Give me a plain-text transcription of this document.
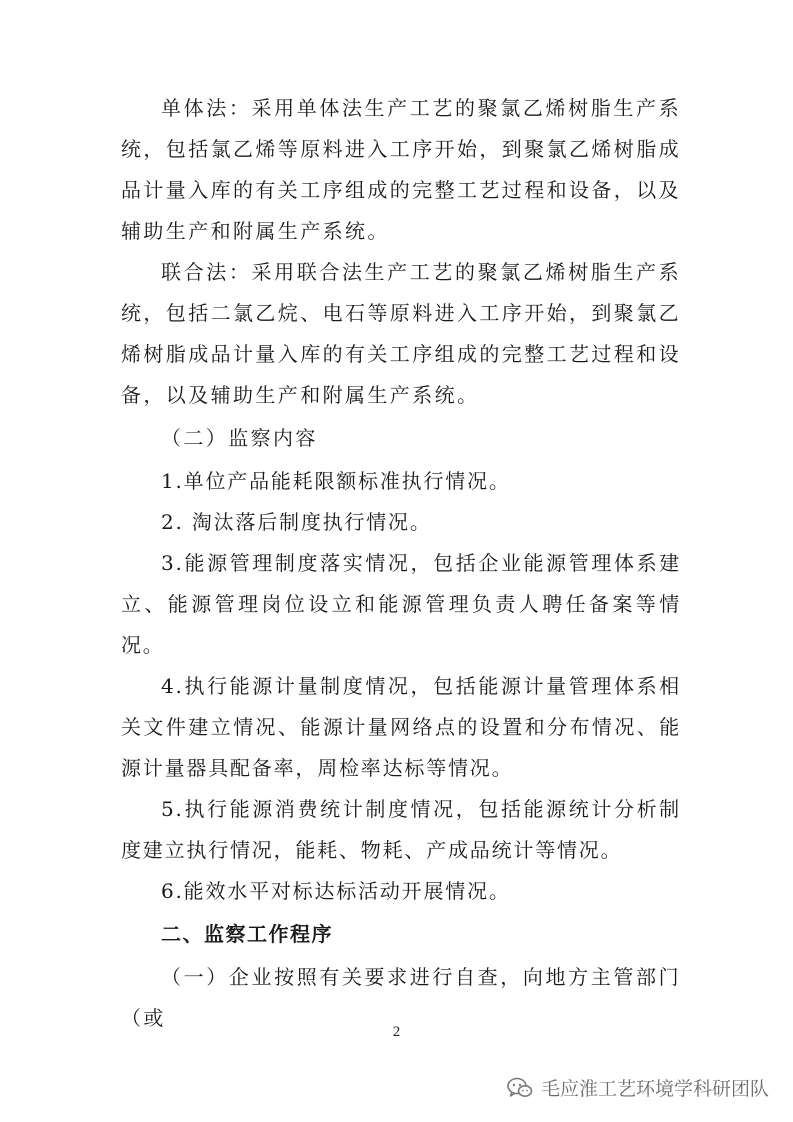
单体法：采用单体法生产工艺的聚氯乙烯树脂生产系统，包括氯乙烯等原料进入工序开始，到聚氯乙烯树脂成品计量入库的有关工序组成的完整工艺过程和设备，以及辅助生产和附属生产系统。

联合法：采用联合法生产工艺的聚氯乙烯树脂生产系统，包括二氯乙烷、电石等原料进入工序开始，到聚氯乙烯树脂成品计量入库的有关工序组成的完整工艺过程和设备，以及辅助生产和附属生产系统。

（二）监察内容

1.单位产品能耗限额标准执行情况。

2. 淘汰落后制度执行情况。

3.能源管理制度落实情况，包括企业能源管理体系建立、能源管理岗位设立和能源管理负责人聘任备案等情况。

4.执行能源计量制度情况，包括能源计量管理体系相关文件建立情况、能源计量网络点的设置和分布情况、能源计量器具配备率，周检率达标等情况。

5.执行能源消费统计制度情况，包括能源统计分析制度建立执行情况，能耗、物耗、产成品统计等情况。

6.能效水平对标达标活动开展情况。

二、监察工作程序

（一）企业按照有关要求进行自查，向地方主管部门（或

2
毛应淮工艺环境学科研团队
